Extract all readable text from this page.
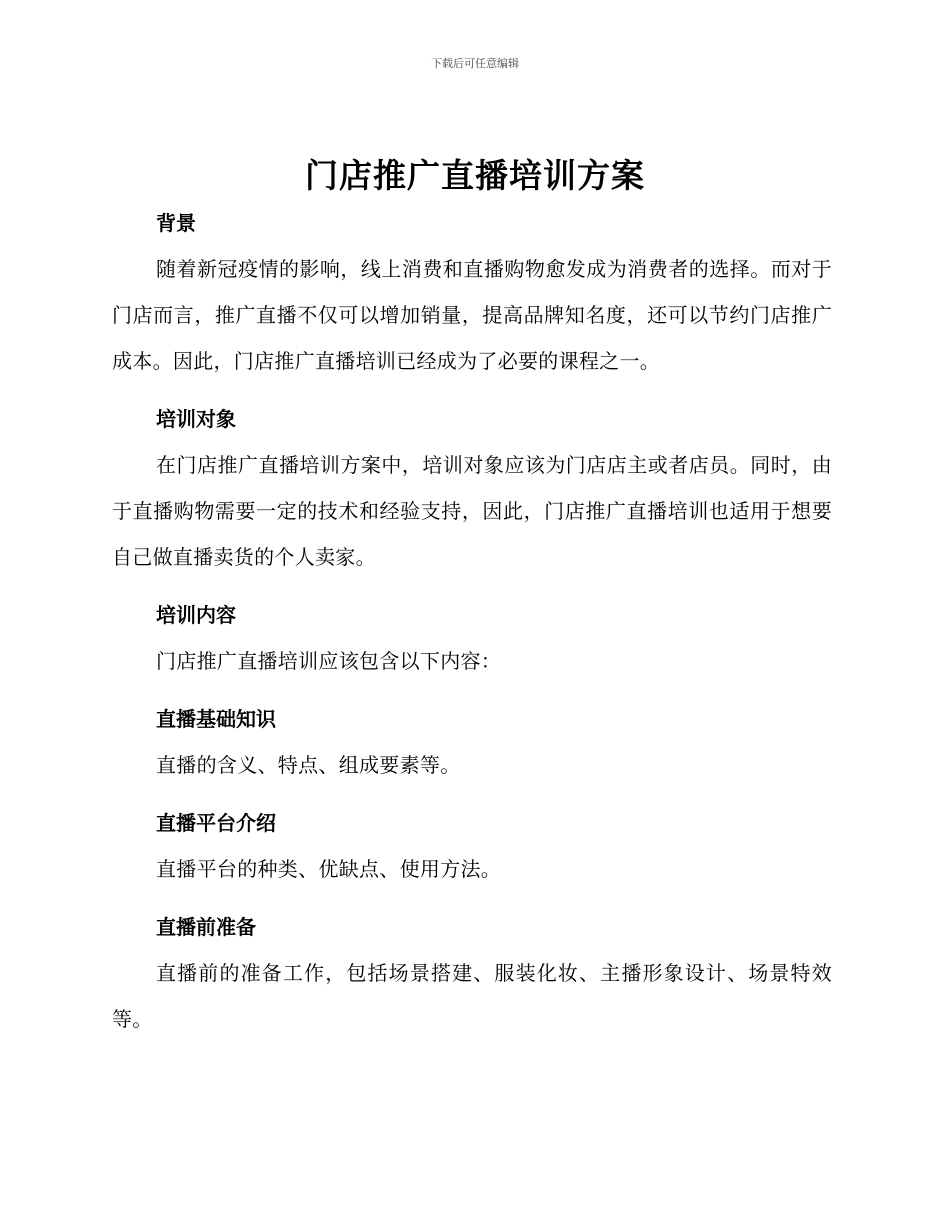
下载后可任意编辑
门店推广直播培训方案
背景

随着新冠疫情的影响，线上消费和直播购物愈发成为消费者的选择。而对于门店而言，推广直播不仅可以增加销量，提高品牌知名度，还可以节约门店推广成本。因此，门店推广直播培训已经成为了必要的课程之一。

培训对象

在门店推广直播培训方案中，培训对象应该为门店店主或者店员。同时，由于直播购物需要一定的技术和经验支持，因此，门店推广直播培训也适用于想要自己做直播卖货的个人卖家。

培训内容

门店推广直播培训应该包含以下内容：

直播基础知识

直播的含义、特点、组成要素等。

直播平台介绍

直播平台的种类、优缺点、使用方法。

直播前准备

直播前的准备工作，包括场景搭建、服装化妆、主播形象设计、场景特效等。
